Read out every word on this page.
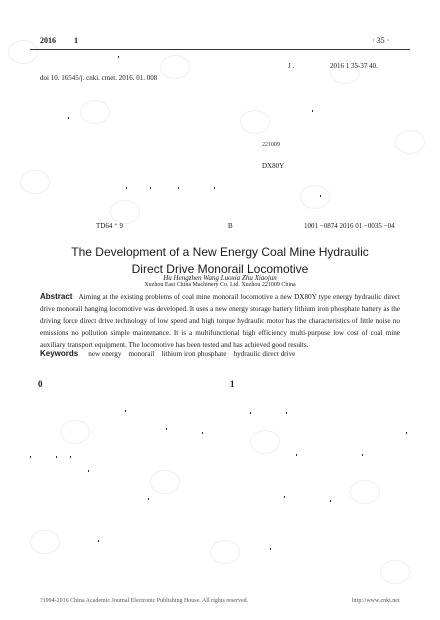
2016 1	· 35 ·
J .	2016 1 35-37 40.
doi 10. 16545/j. cnki. cmet. 2016. 01. 008
221009
DX80Y
TD64 ⁺ 9	B	1001 −0874 2016 01 −0035 −04
The Development of a New Energy Coal Mine Hydraulic
Direct Drive Monorail Locomotive
Hu Hengzhen Wang Luoxia Zhu Xiaojun
Xuzhou East China Machinery Co. Ltd. Xuzhou 221009 China
Abstract Aiming at the existing problems of coal mine monorail locomotive a new DX80Y type energy hydraulic direct drive monorail hanging locomotive was developed. It uses a new energy storage battery lithium iron phosphate battery as the driving force direct drive technology of low speed and high torque hydraulic motor has the characteristics of little noise no emissions no pollution simple maintenance. It is a multifunctional high efficiency multi-purpose low cost of coal mine auxiliary transport equipment. The locomotive has been tested and has achieved good results.
Keywords new energy monorail lithium iron phosphate hydraulic direct drive
0	1
?1994-2016 China Academic Journal Electronic Publishing House. All rights reserved.	http://www.cnki.net
